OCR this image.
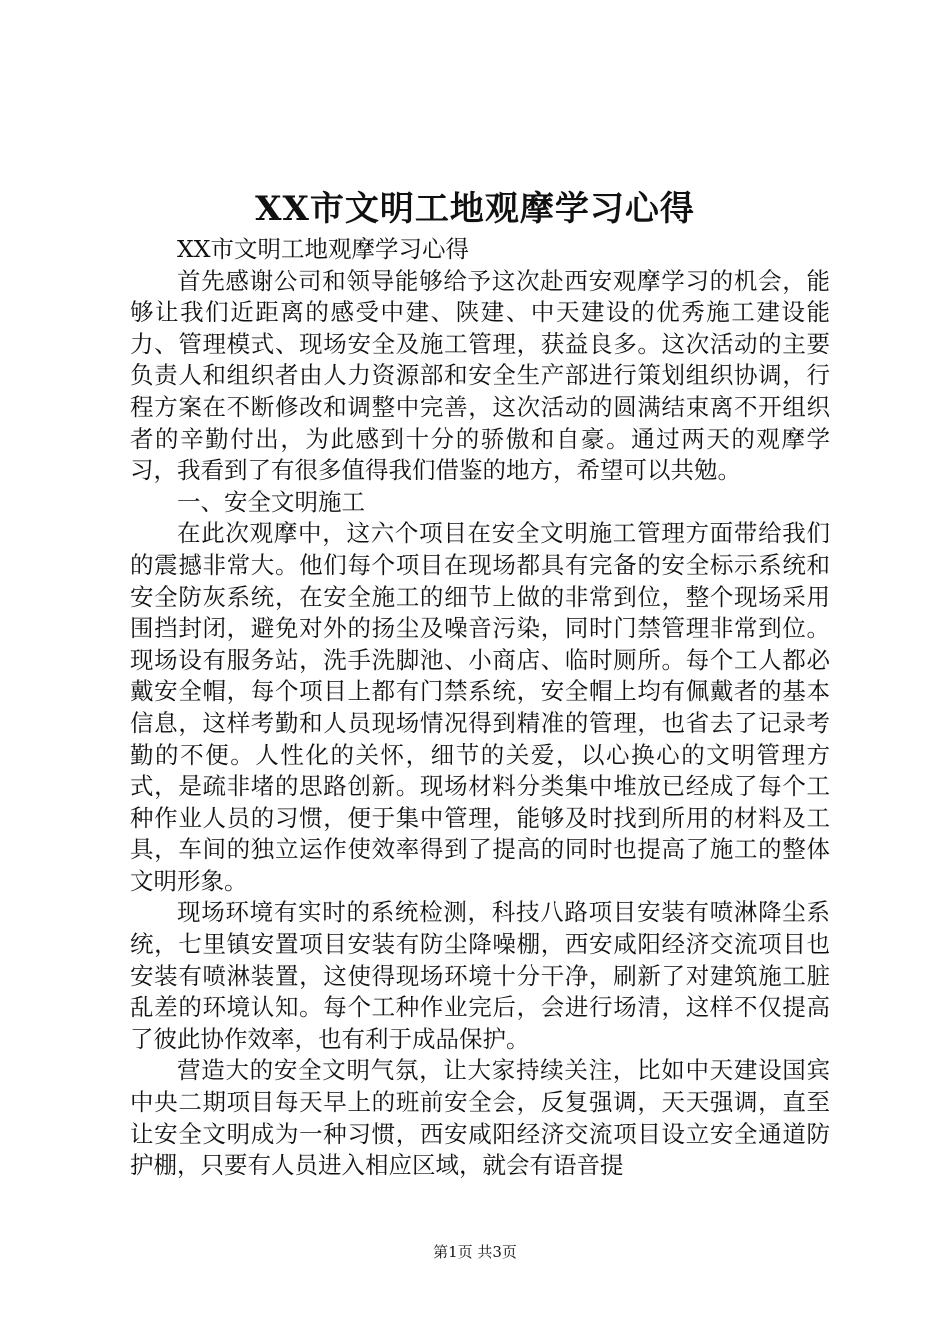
XX市文明工地观摩学习心得

XX市文明工地观摩学习心得

首先感谢公司和领导能够给予这次赴西安观摩学习的机会，能够让我们近距离的感受中建、陕建、中天建设的优秀施工建设能力、管理模式、现场安全及施工管理，获益良多。这次活动的主要负责人和组织者由人力资源部和安全生产部进行策划组织协调，行程方案在不断修改和调整中完善，这次活动的圆满结束离不开组织者的辛勤付出，为此感到十分的骄傲和自豪。通过两天的观摩学习，我看到了有很多值得我们借鉴的地方，希望可以共勉。

一、安全文明施工

在此次观摩中，这六个项目在安全文明施工管理方面带给我们的震撼非常大。他们每个项目在现场都具有完备的安全标示系统和安全防灰系统，在安全施工的细节上做的非常到位，整个现场采用围挡封闭，避免对外的扬尘及噪音污染，同时门禁管理非常到位。现场设有服务站，洗手洗脚池、小商店、临时厕所。每个工人都必戴安全帽，每个项目上都有门禁系统，安全帽上均有佩戴者的基本信息，这样考勤和人员现场情况得到精准的管理，也省去了记录考勤的不便。人性化的关怀，细节的关爱，以心换心的文明管理方式，是疏非堵的思路创新。现场材料分类集中堆放已经成了每个工种作业人员的习惯，便于集中管理，能够及时找到所用的材料及工具，车间的独立运作使效率得到了提高的同时也提高了施工的整体文明形象。

现场环境有实时的系统检测，科技八路项目安装有喷淋降尘系统，七里镇安置项目安装有防尘降噪棚，西安咸阳经济交流项目也安装有喷淋装置，这使得现场环境十分干净，刷新了对建筑施工脏乱差的环境认知。每个工种作业完后，会进行场清，这样不仅提高了彼此协作效率，也有利于成品保护。

营造大的安全文明气氛，让大家持续关注，比如中天建设国宾中央二期项目每天早上的班前安全会，反复强调，天天强调，直至让安全文明成为一种习惯，西安咸阳经济交流项目设立安全通道防护棚，只要有人员进入相应区域，就会有语音提

第1页 共3页
